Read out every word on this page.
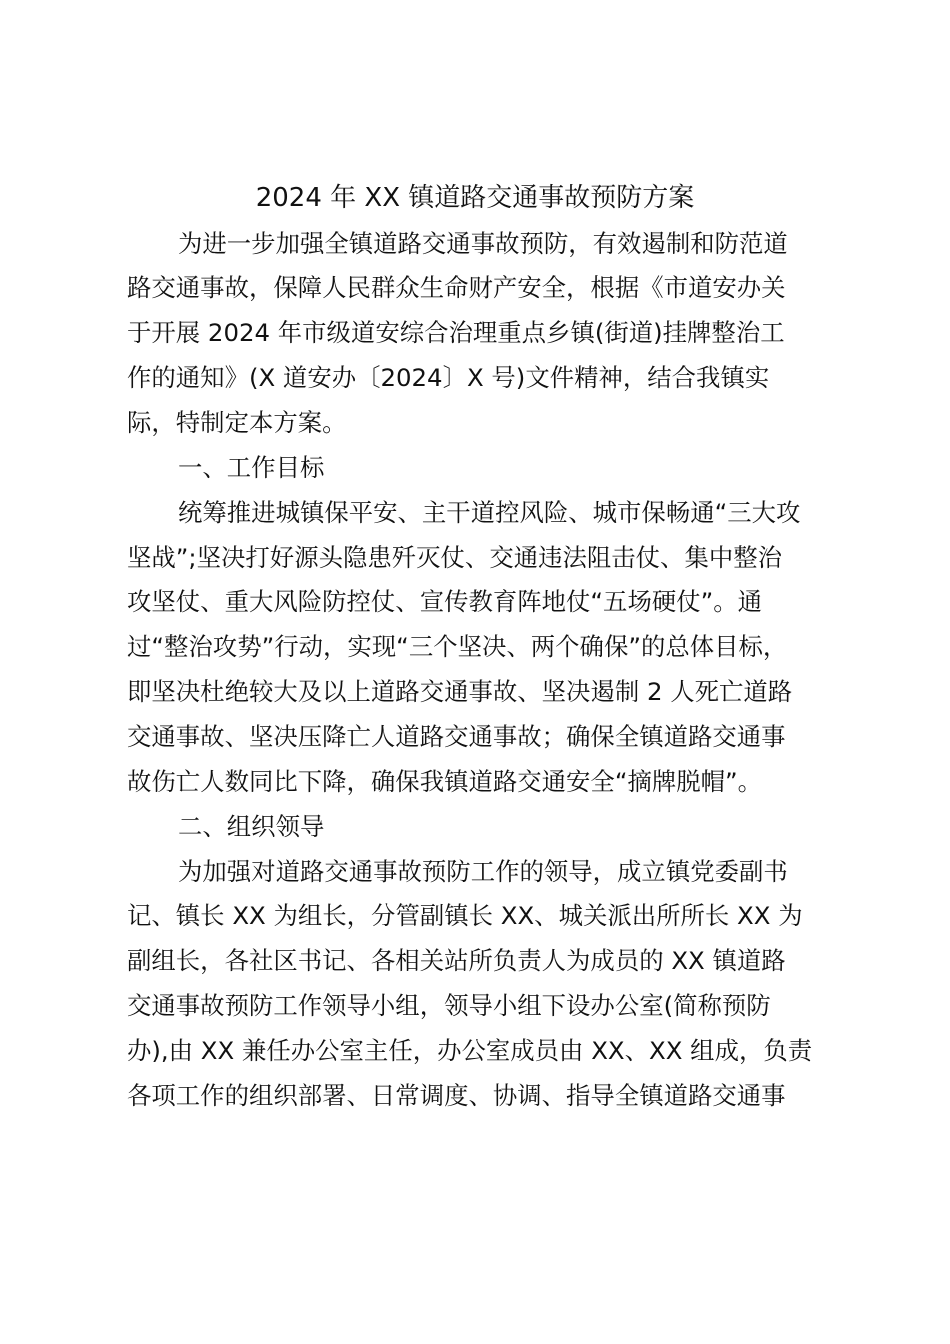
2024 年 XX 镇道路交通事故预防方案
为进一步加强全镇道路交通事故预防，有效遏制和防范道
路交通事故，保障人民群众生命财产安全，根据《市道安办关
于开展 2024 年市级道安综合治理重点乡镇(街道)挂牌整治工
作的通知》(X 道安办〔2024〕X 号)文件精神，结合我镇实
际，特制定本方案。
一、工作目标
统筹推进城镇保平安、主干道控风险、城市保畅通“三大攻
坚战”;坚决打好源头隐患歼灭仗、交通违法阻击仗、集中整治
攻坚仗、重大风险防控仗、宣传教育阵地仗“五场硬仗”。通
过“整治攻势”行动，实现“三个坚决、两个确保”的总体目标，
即坚决杜绝较大及以上道路交通事故、坚决遏制 2 人死亡道路
交通事故、坚决压降亡人道路交通事故；确保全镇道路交通事
故伤亡人数同比下降，确保我镇道路交通安全“摘牌脱帽”。
二、组织领导
为加强对道路交通事故预防工作的领导，成立镇党委副书
记、镇长 XX 为组长，分管副镇长 XX、城关派出所所长 XX 为
副组长，各社区书记、各相关站所负责人为成员的 XX 镇道路
交通事故预防工作领导小组，领导小组下设办公室(简称预防
办),由 XX 兼任办公室主任，办公室成员由 XX、XX 组成，负责
各项工作的组织部署、日常调度、协调、指导全镇道路交通事
